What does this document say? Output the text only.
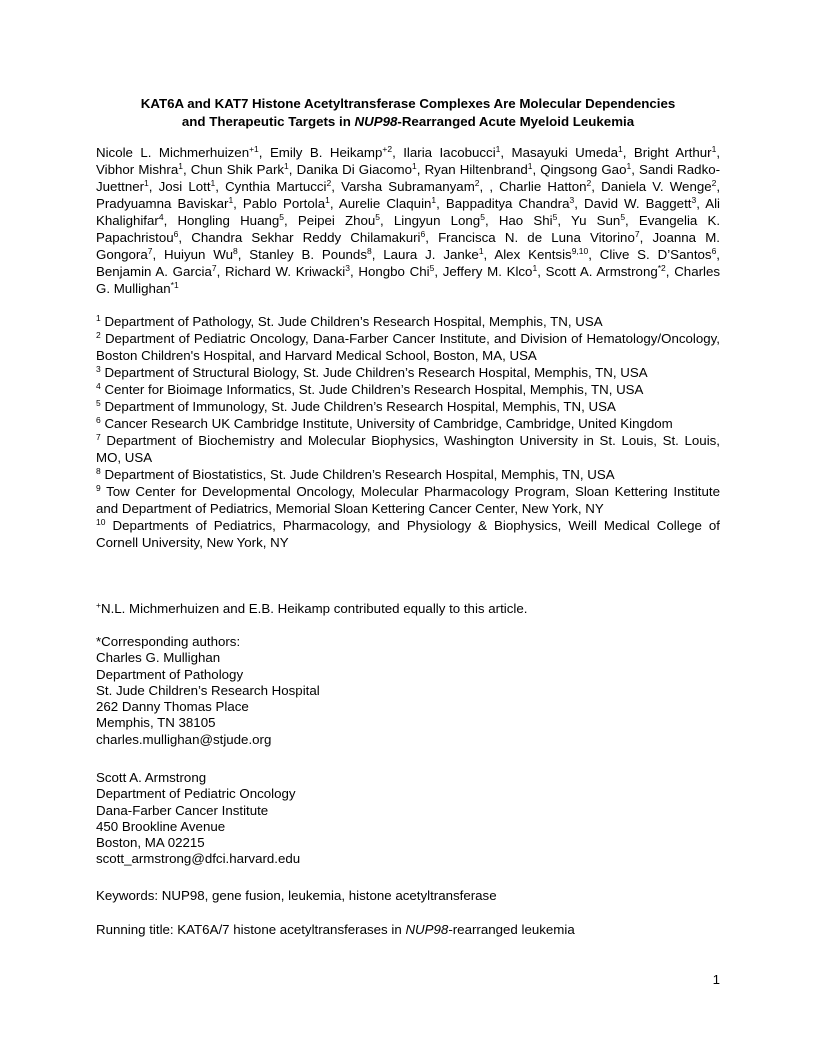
KAT6A and KAT7 Histone Acetyltransferase Complexes Are Molecular Dependencies
and Therapeutic Targets in NUP98-Rearranged Acute Myeloid Leukemia

Nicole L. Michmerhuizen$^{+1}$, Emily B. Heikamp$^{+2}$, Ilaria Iacobucci$^1$, Masayuki Umeda$^1$, Bright Arthur$^1$, Vibhor Mishra$^1$, Chun Shik Park$^1$, Danika Di Giacomo$^1$, Ryan Hiltenbrand$^1$, Qingsong Gao$^1$, Sandi Radko-Juettner$^1$, Josi Lott$^1$, Cynthia Martucci$^2$, Varsha Subramanyam$^2$, , Charlie Hatton$^2$, Daniela V. Wenge$^2$, Pradyuamna Baviskar$^1$, Pablo Portola$^1$, Aurelie Claquin$^1$, Bappaditya Chandra$^3$, David W. Baggett$^3$, Ali Khalighifar$^4$, Hongling Huang$^5$, Peipei Zhou$^5$, Lingyun Long$^5$, Hao Shi$^5$, Yu Sun$^5$, Evangelia K. Papachristou$^6$, Chandra Sekhar Reddy Chilamakuri$^6$, Francisca N. de Luna Vitorino$^7$, Joanna M. Gongora$^7$, Huiyun Wu$^8$, Stanley B. Pounds$^8$, Laura J. Janke$^1$, Alex Kentsis$^{9,10}$, Clive S. D’Santos$^6$, Benjamin A. Garcia$^7$, Richard W. Kriwacki$^3$, Hongbo Chi$^5$, Jeffery M. Klco$^1$, Scott A. Armstrong$^{*2}$, Charles G. Mullighan$^{*1}$

$^1$ Department of Pathology, St. Jude Children’s Research Hospital, Memphis, TN, USA
$^2$ Department of Pediatric Oncology, Dana-Farber Cancer Institute, and Division of Hematology/Oncology, Boston Children's Hospital, and Harvard Medical School, Boston, MA, USA
$^3$ Department of Structural Biology, St. Jude Children’s Research Hospital, Memphis, TN, USA
$^4$ Center for Bioimage Informatics, St. Jude Children’s Research Hospital, Memphis, TN, USA
$^5$ Department of Immunology, St. Jude Children’s Research Hospital, Memphis, TN, USA
$^6$ Cancer Research UK Cambridge Institute, University of Cambridge, Cambridge, United Kingdom
$^7$ Department of Biochemistry and Molecular Biophysics, Washington University in St. Louis, St. Louis, MO, USA
$^8$ Department of Biostatistics, St. Jude Children’s Research Hospital, Memphis, TN, USA
$^9$ Tow Center for Developmental Oncology, Molecular Pharmacology Program, Sloan Kettering Institute and Department of Pediatrics, Memorial Sloan Kettering Cancer Center, New York, NY
$^{10}$ Departments of Pediatrics, Pharmacology, and Physiology & Biophysics, Weill Medical College of Cornell University, New York, NY
+N.L. Michmerhuizen and E.B. Heikamp contributed equally to this article.
*Corresponding authors:
Charles G. Mullighan
Department of Pathology
St. Jude Children’s Research Hospital
262 Danny Thomas Place
Memphis, TN 38105
charles.mullighan@stjude.org
Scott A. Armstrong
Department of Pediatric Oncology
Dana-Farber Cancer Institute
450 Brookline Avenue
Boston, MA 02215
scott_armstrong@dfci.harvard.edu
Keywords: NUP98, gene fusion, leukemia, histone acetyltransferase
Running title: KAT6A/7 histone acetyltransferases in NUP98-rearranged leukemia
1
